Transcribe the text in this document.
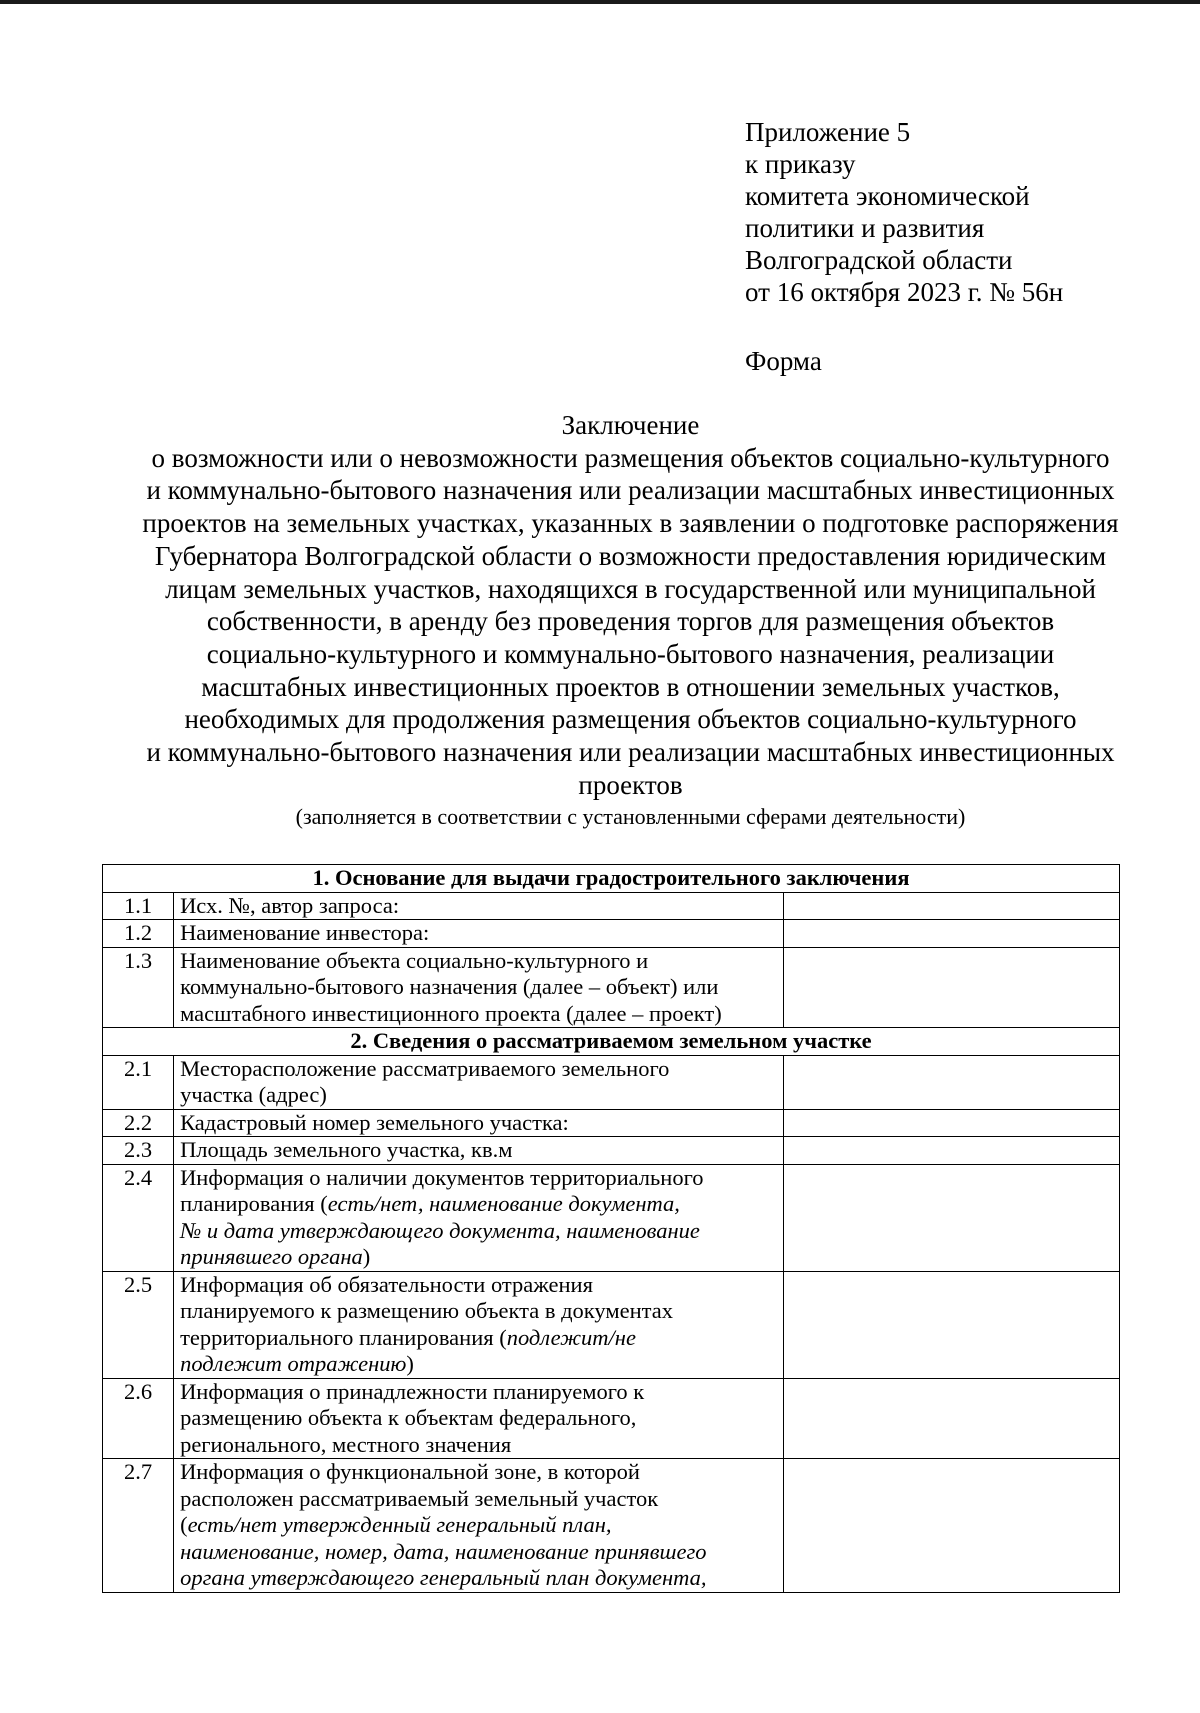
Приложение 5
к приказу
комитета экономической
политики и развития
Волгоградской области
от 16 октября 2023 г. № 56н
Форма
Заключение
о возможности или о невозможности размещения объектов социально-культурного
и коммунально-бытового назначения или реализации масштабных инвестиционных
проектов на земельных участках, указанных в заявлении о подготовке распоряжения
Губернатора Волгоградской области о возможности предоставления юридическим
лицам земельных участков, находящихся в государственной или муниципальной
собственности, в аренду без проведения торгов для размещения объектов
социально-культурного и коммунально-бытового назначения, реализации
масштабных инвестиционных проектов в отношении земельных участков,
необходимых для продолжения размещения объектов социально-культурного
и коммунально-бытового назначения или реализации масштабных инвестиционных
проектов
(заполняется в соответствии с установленными сферами деятельности)
1. Основание для выдачи градостроительного заключения		
1.1	Исх. №, автор запроса:	

1.2	Наименование инвестора:	

1.3	Наименование объекта социально-культурного и
коммунально-бытового назначения (далее – объект) или
масштабного инвестиционного проекта (далее – проект)	

2. Сведения о рассматриваемом земельном участке		
2.1	Месторасположение рассматриваемого земельного
участка (адрес)	

2.2	Кадастровый номер земельного участка:	

2.3	Площадь земельного участка, кв.м	

2.4	Информация о наличии документов территориального
планирования (есть/нет, наименование документа,
№ и дата утверждающего документа, наименование
принявшего органа)	

2.5	Информация об обязательности отражения
планируемого к размещению объекта в документах
территориального планирования (подлежит/не
подлежит отражению)	

2.6	Информация о принадлежности планируемого к
размещению объекта к объектам федерального,
регионального, местного значения	

2.7	Информация о функциональной зоне, в которой
расположен рассматриваемый земельный участок
(есть/нет утвержденный генеральный план,
наименование, номер, дата, наименование принявшего
органа утверждающего генеральный план документа,	
